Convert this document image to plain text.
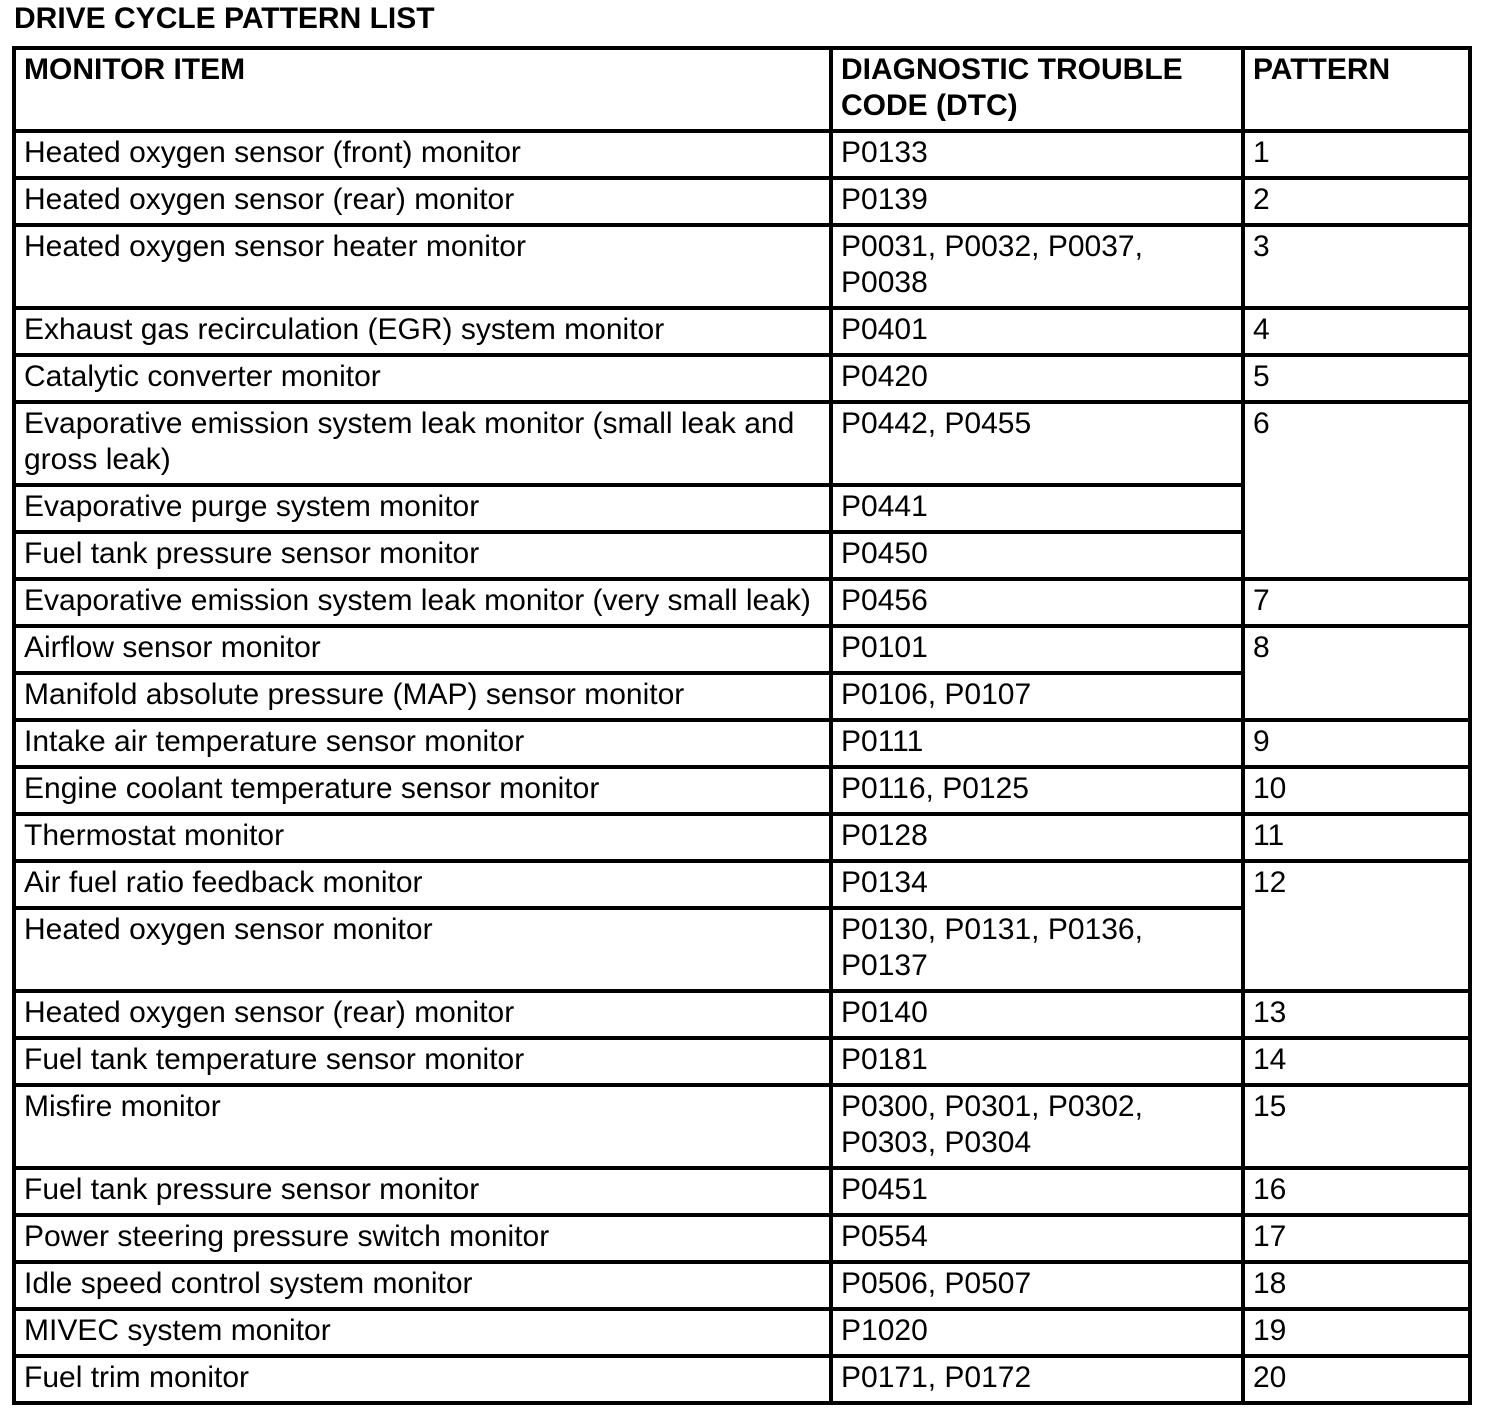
DRIVE CYCLE PATTERN LIST
MONITOR ITEM	DIAGNOSTIC TROUBLE CODE (DTC)	PATTERN
Heated oxygen sensor (front) monitor	P0133	1
Heated oxygen sensor (rear) monitor	P0139	2
Heated oxygen sensor heater monitor	P0031, P0032, P0037, P0038	3
Exhaust gas recirculation (EGR) system monitor	P0401	4
Catalytic converter monitor	P0420	5
Evaporative emission system leak monitor (small leak and gross leak)	P0442, P0455	6
Evaporative purge system monitor	P0441	
Fuel tank pressure sensor monitor	P0450	
Evaporative emission system leak monitor (very small leak)	P0456	7
Airflow sensor monitor	P0101	8
Manifold absolute pressure (MAP) sensor monitor	P0106, P0107	
Intake air temperature sensor monitor	P0111	9
Engine coolant temperature sensor monitor	P0116, P0125	10
Thermostat monitor	P0128	11
Air fuel ratio feedback monitor	P0134	12
Heated oxygen sensor monitor	P0130, P0131, P0136, P0137	
Heated oxygen sensor (rear) monitor	P0140	13
Fuel tank temperature sensor monitor	P0181	14
Misfire monitor	P0300, P0301, P0302, P0303, P0304	15
Fuel tank pressure sensor monitor	P0451	16
Power steering pressure switch monitor	P0554	17
Idle speed control system monitor	P0506, P0507	18
MIVEC system monitor	P1020	19
Fuel trim monitor	P0171, P0172	20
